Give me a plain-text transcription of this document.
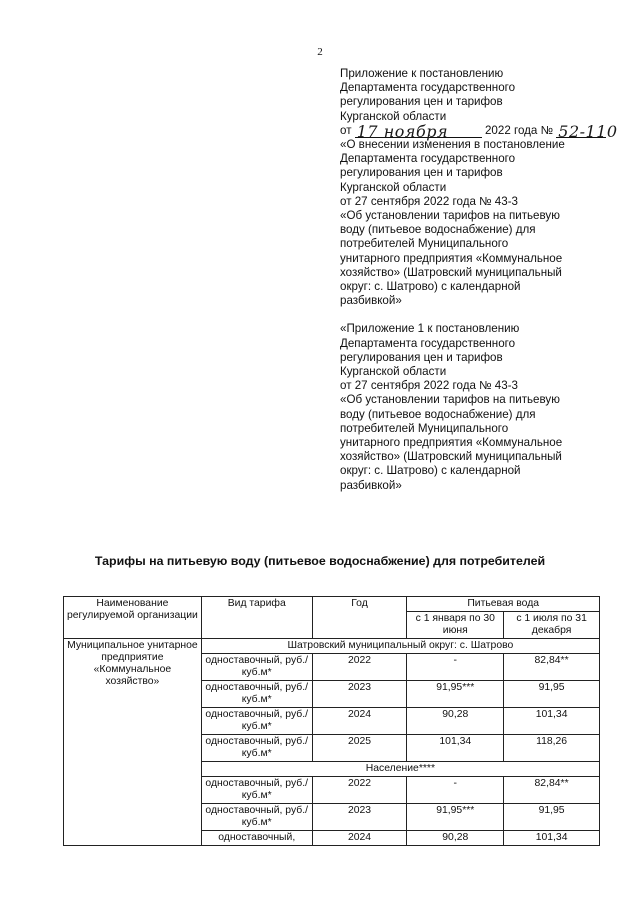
2
Приложение к постановлению
Департамента государственного
регулирования цен и тарифов
Курганской области
от 17 ноября	2022 года № 52-110
«О внесении изменения в постановление
Департамента государственного
регулирования цен и тарифов
Курганской области
от 27 сентября 2022 года № 43-3
«Об установлении тарифов на питьевую
воду (питьевое водоснабжение) для
потребителей Муниципального
унитарного предприятия «Коммунальное
хозяйство» (Шатровский муниципальный
округ: с. Шатрово) с календарной
разбивкой»
«Приложение 1 к постановлению
Департамента государственного
регулирования цен и тарифов
Курганской области
от 27 сентября 2022 года № 43-3
«Об установлении тарифов на питьевую
воду (питьевое водоснабжение) для
потребителей Муниципального
унитарного предприятия «Коммунальное
хозяйство» (Шатровский муниципальный
округ: с. Шатрово) с календарной
разбивкой»
Тарифы на питьевую воду (питьевое водоснабжение) для потребителей
Наименование регулируемой организации	Вид тарифа	Год	Питьевая вода	
			с 1 января по 30 июня	с 1 июля по 31 декабря
Муниципальное унитарное предприятие «Коммунальное хозяйство»	Шатровский муниципальный округ: с. Шатрово			
	одноставочный, руб./куб.м*	2022	-	82,84**
	одноставочный, руб./куб.м*	2023	91,95***	91,95
	одноставочный, руб./куб.м*	2024	90,28	101,34
	одноставочный, руб./куб.м*	2025	101,34	118,26
	Население****			
	одноставочный, руб./куб.м*	2022	-	82,84**
	одноставочный, руб./куб.м*	2023	91,95***	91,95
	одноставочный,	2024	90,28	101,34
